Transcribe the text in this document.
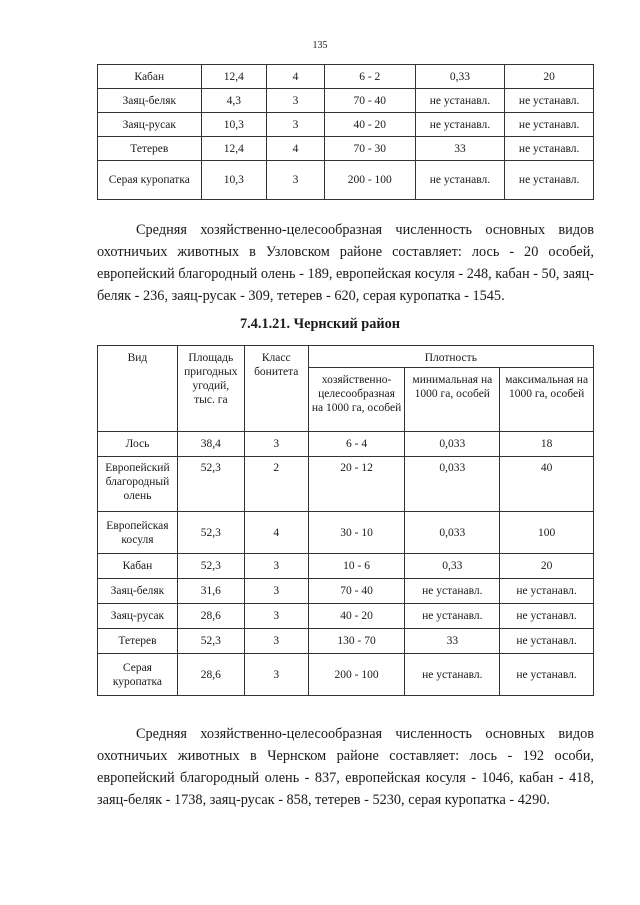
135
Кабан	12,4	4	6 - 2	0,33	20
Заяц-беляк	4,3	3	70 - 40	не устанавл.	не устанавл.
Заяц-русак	10,3	3	40 - 20	не устанавл.	не устанавл.
Тетерев	12,4	4	70 - 30	33	не устанавл.
Серая куропатка	10,3	3	200 - 100	не устанавл.	не устанавл.

Средняя хозяйственно-целесообразная численность основных видов охотничьих животных в Узловском районе составляет: лось - 20 особей, европейский благородный олень - 189, европейская косуля - 248, кабан - 50, заяц-беляк - 236, заяц-русак - 309, тетерев - 620, серая куропатка - 1545.

7.4.1.21. Чернский район
Вид	Площадь пригодных угодий, тыс. га	Класс бонитета	Плотность		
			хозяйственно-целесообразная на 1000 га, особей	минимальная на 1000 га, особей	максимальная на 1000 га, особей
Лось	38,4	3	6 - 4	0,033	18
Европейский благородный олень	52,3	2	20 - 12	0,033	40
Европейская косуля	52,3	4	30 - 10	0,033	100
Кабан	52,3	3	10 - 6	0,33	20
Заяц-беляк	31,6	3	70 - 40	не устанавл.	не устанавл.
Заяц-русак	28,6	3	40 - 20	не устанавл.	не устанавл.
Тетерев	52,3	3	130 - 70	33	не устанавл.
Серая куропатка	28,6	3	200 - 100	не устанавл.	не устанавл.

Средняя хозяйственно-целесообразная численность основных видов охотничьих животных в Чернском районе составляет: лось - 192 особи, европейский благородный олень - 837, европейская косуля - 1046, кабан - 418, заяц-беляк - 1738, заяц-русак - 858, тетерев - 5230, серая куропатка - 4290.
